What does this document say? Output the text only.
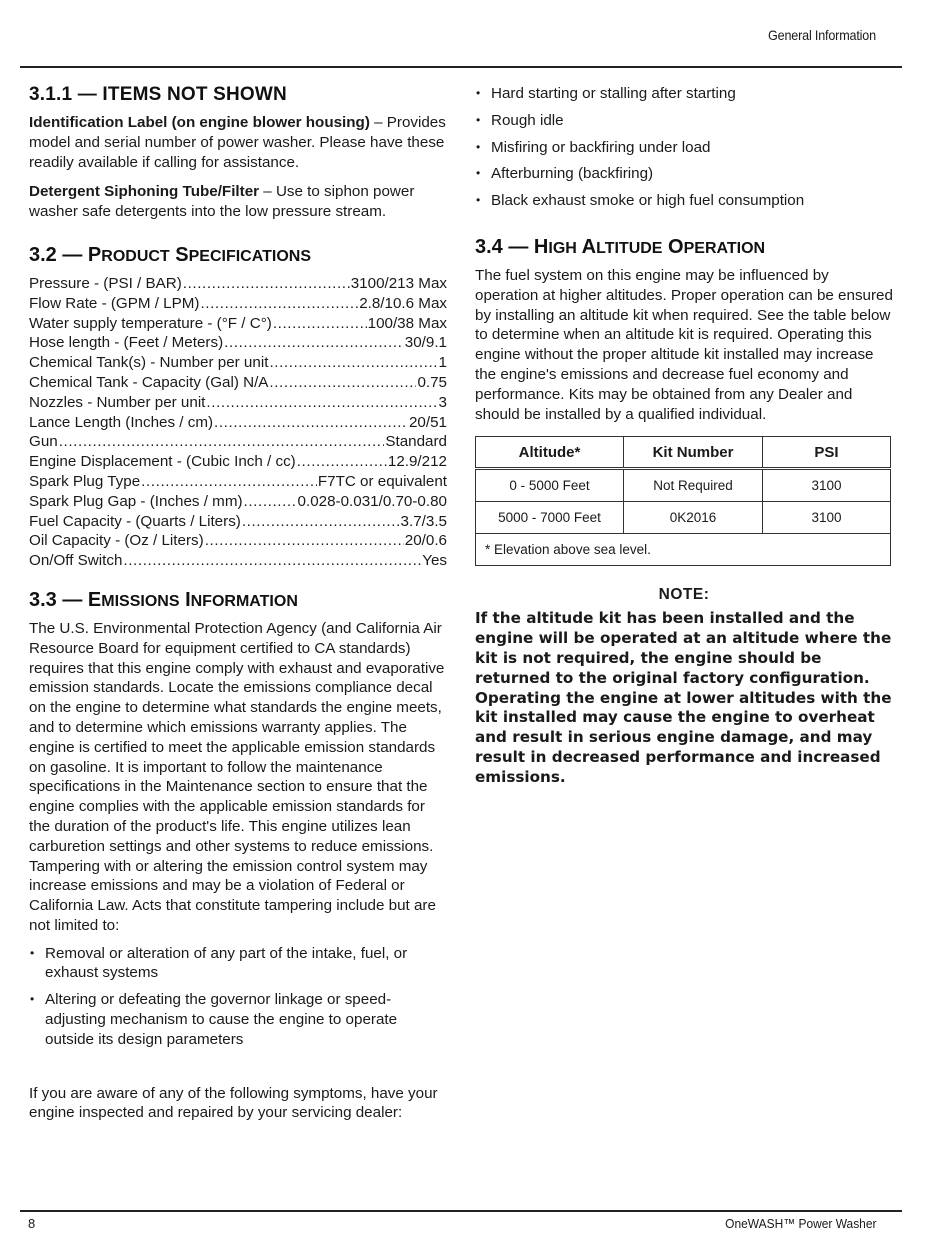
General Information
3.1.1 — ITEMS NOT SHOWN

Identification Label (on engine blower housing) – Provides model and serial number of power washer. Please have these readily available if calling for assistance.

Detergent Siphoning Tube/Filter – Use to siphon power washer safe detergents into the low pressure stream.

3.2 — PRODUCT SPECIFICATIONS
Pressure - (PSI / BAR) .....	3100/213 Max
Flow Rate - (GPM / LPM) .....	2.8/10.6 Max
Water supply temperature - (°F / C°) .....	100/38 Max
Hose length - (Feet / Meters) .....	30/9.1
Chemical Tank(s) - Number per unit .....	1
Chemical Tank - Capacity (Gal) N/A .....	0.75
Nozzles - Number per unit .....	3
Lance Length (Inches / cm) .....	20/51
Gun .....	Standard
Engine Displacement - (Cubic Inch / cc) .....	12.9/212
Spark Plug Type .....	F7TC or equivalent
Spark Plug Gap - (Inches / mm) .....	0.028-0.031/0.70-0.80
Fuel Capacity - (Quarts / Liters) .....	3.7/3.5
Oil Capacity - (Oz / Liters) .....	20/0.6
On/Off Switch .....	Yes
3.3 — EMISSIONS INFORMATION

The U.S. Environmental Protection Agency (and California Air Resource Board for equipment certified to CA standards) requires that this engine comply with exhaust and evaporative emission standards. Locate the emissions compliance decal on the engine to determine what standards the engine meets, and to determine which emissions warranty applies. The engine is certified to meet the applicable emission standards on gasoline. It is important to follow the maintenance specifications in the Maintenance section to ensure that the engine complies with the applicable emission standards for the duration of the product's life. This engine utilizes lean carburetion settings and other systems to reduce emissions. Tampering with or altering the emission control system may increase emissions and may be a violation of Federal or California Law. Acts that constitute tampering include but are not limited to:

• Removal or alteration of any part of the intake, fuel, or exhaust systems
• Altering or defeating the governor linkage or speed-adjusting mechanism to cause the engine to operate outside its design parameters

If you are aware of any of the following symptoms, have your engine inspected and repaired by your servicing dealer:

• Hard starting or stalling after starting
• Rough idle
• Misfiring or backfiring under load
• Afterburning (backfiring)
• Black exhaust smoke or high fuel consumption
3.4 — HIGH ALTITUDE OPERATION

The fuel system on this engine may be influenced by operation at higher altitudes. Proper operation can be ensured by installing an altitude kit when required. See the table below to determine when an altitude kit is required. Operating this engine without the proper altitude kit installed may increase the engine's emissions and decrease fuel economy and performance. Kits may be obtained from any Dealer and should be installed by a qualified individual.

Altitude*	Kit Number	PSI
0 - 5000 Feet	Not Required	3100
5000 - 7000 Feet	0K2016	3100
* Elevation above sea level.		
NOTE:

If the altitude kit has been installed and the engine will be operated at an altitude where the kit is not required, the engine should be returned to the original factory configuration. Operating the engine at lower altitudes with the kit installed may cause the engine to overheat and result in serious engine damage, and may result in decreased performance and increased emissions.

8	OneWASH™ Power Washer
